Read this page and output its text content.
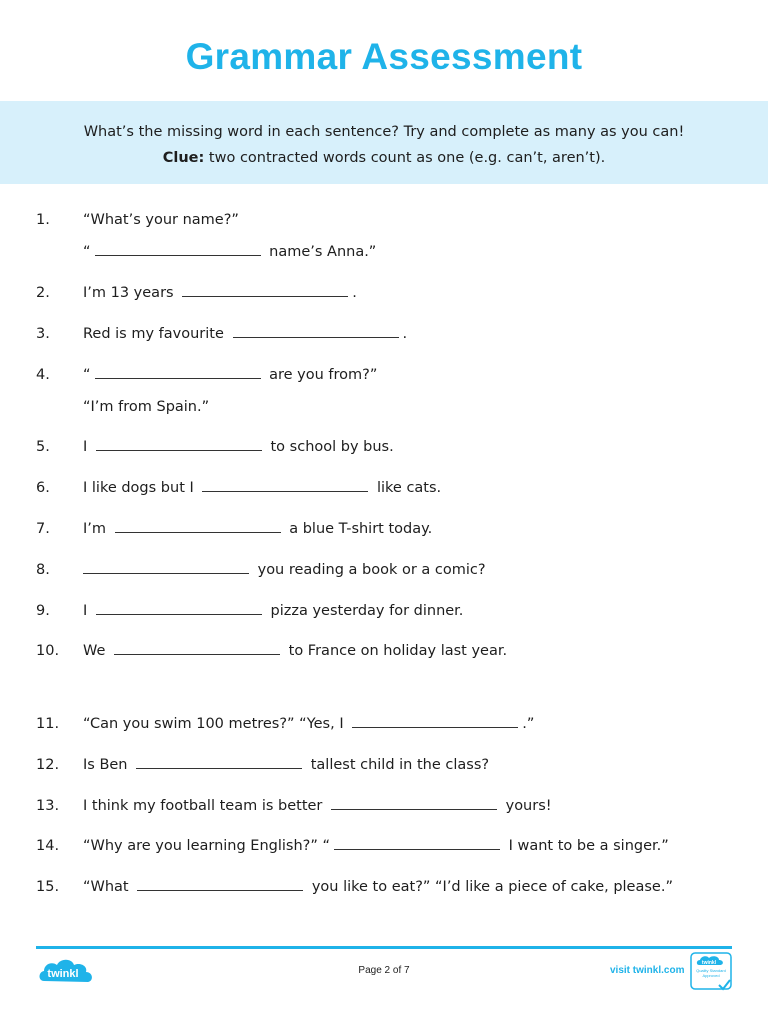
Grammar Assessment
What’s the missing word in each sentence? Try and complete as many as you can!
Clue: two contracted words count as one (e.g. can’t, aren’t).
1. “What’s your name?”
“	name’s Anna.”
2. I’m 13 years	.
3. Red is my favourite	.
4. “	are you from?”
“I’m from Spain.”
5. I	to school by bus.
6. I like dogs but I	like cats.
7. I’m	a blue T-shirt today.
8.	you reading a book or a comic?
9. I	pizza yesterday for dinner.
10. We	to France on holiday last year.
11. “Can you swim 100 metres?” “Yes, I	.”
12. Is Ben	tallest child in the class?
13. I think my football team is better	yours!
14. “Why are you learning English?” “	I want to be a singer.”
15. “What	you like to eat?” “I’d like a piece of cake, please.”
twinkl	Page 2 of 7	visit twinkl.com
twinkl
Quality Standard Approved
